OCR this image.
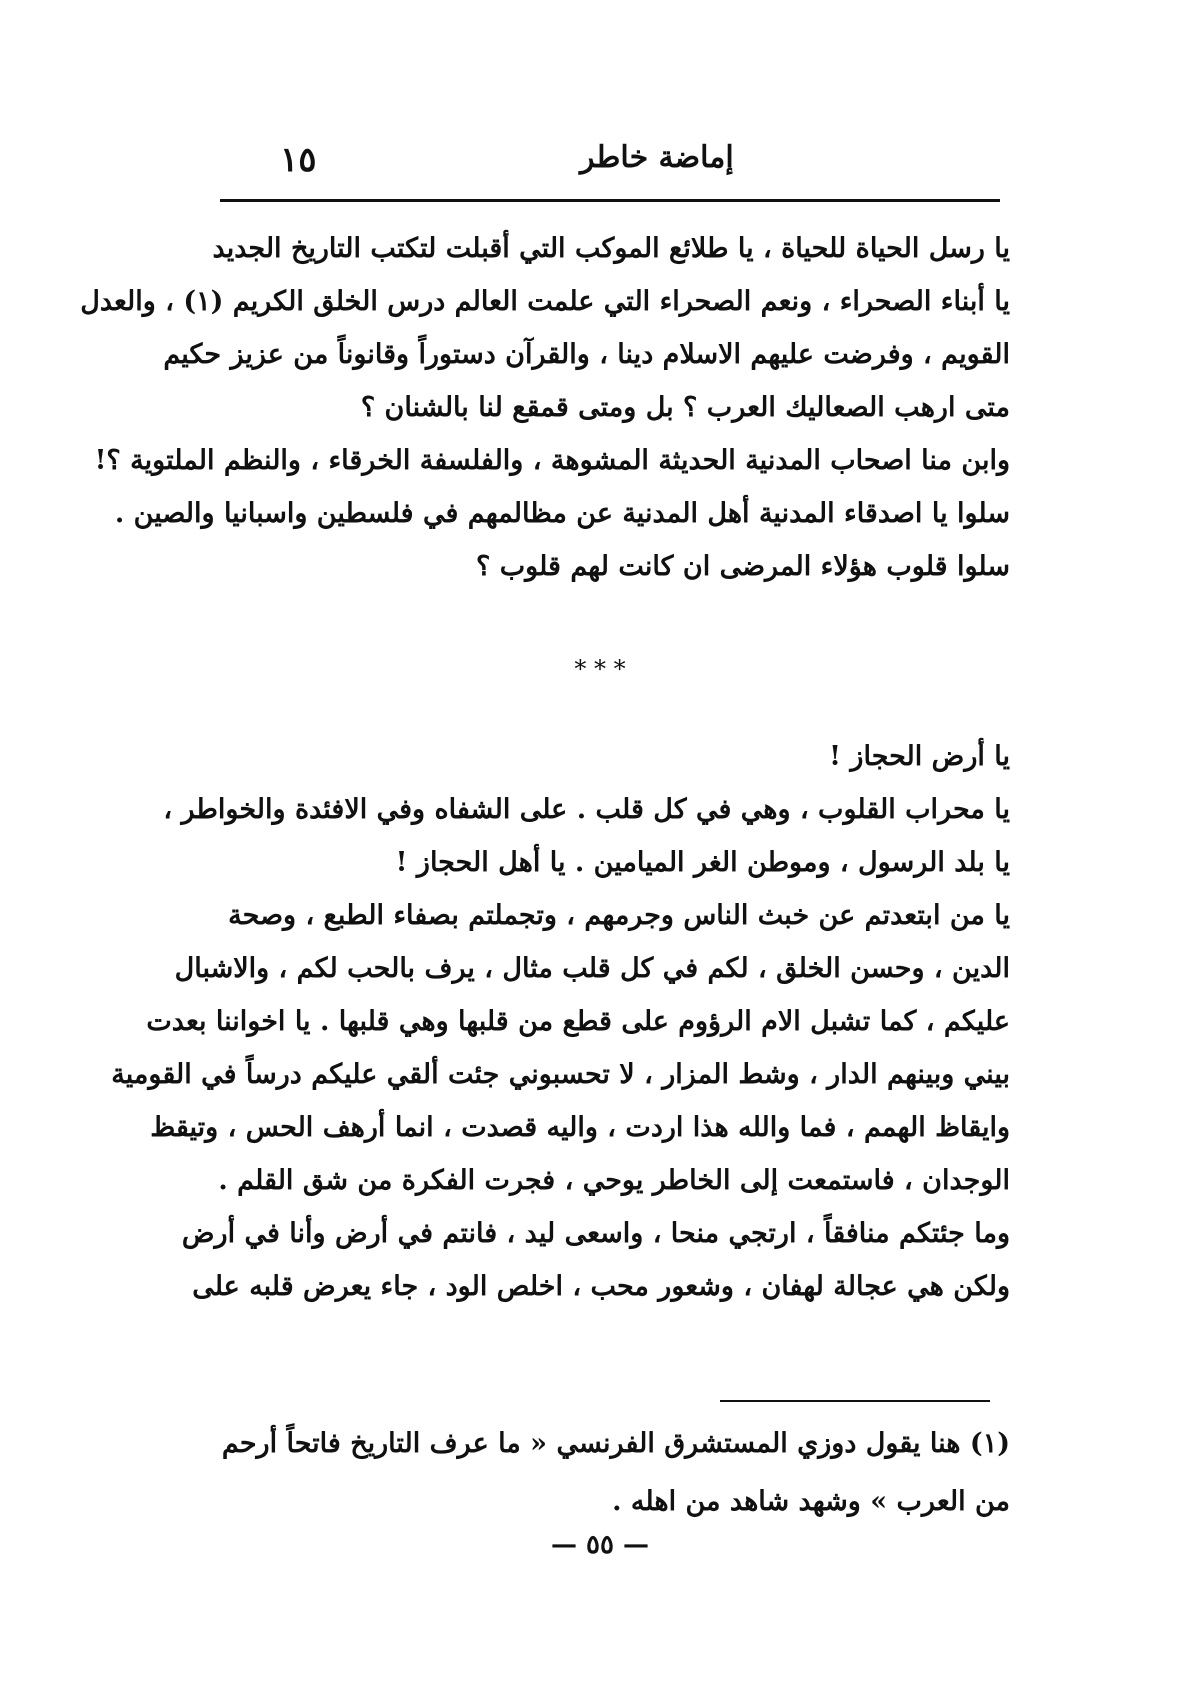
١٥	إماضة خاطر

يا رسل الحياة للحياة ، يا طلائع الموكب التي أقبلت لتكتب التاريخ الجديد

يا أبناء الصحراء ، ونعم الصحراء التي علمت العالم درس الخلق الكريم (١) ، والعدل

القويم ، وفرضت عليهم الاسلام دينا ، والقرآن دستوراً وقانوناً من عزيز حكيم

متى ارهب الصعاليك العرب ؟ بل ومتى قمقع لنا بالشنان ؟

وابن منا اصحاب المدنية الحديثة المشوهة ، والفلسفة الخرقاء ، والنظم الملتوية ؟!

سلوا يا اصدقاء المدنية أهل المدنية عن مظالمهم في فلسطين واسبانيا والصين .

سلوا قلوب هؤلاء المرضى ان كانت لهم قلوب ؟

* * *

يا أرض الحجاز !

يا محراب القلوب ، وهي في كل قلب . على الشفاه وفي الافئدة والخواطر ،

يا بلد الرسول ، وموطن الغر الميامين . يا أهل الحجاز !

يا من ابتعدتم عن خبث الناس وجرمهم ، وتجملتم بصفاء الطبع ، وصحة

الدين ، وحسن الخلق ، لكم في كل قلب مثال ، يرف بالحب لكم ، والاشبال

عليكم ، كما تشبل الام الرؤوم على قطع من قلبها وهي قلبها . يا اخواننا بعدت

بيني وبينهم الدار ، وشط المزار ، لا تحسبوني جئت ألقي عليكم درساً في القومية

وايقاظ الهمم ، فما والله هذا اردت ، واليه قصدت ، انما أرهف الحس ، وتيقظ

الوجدان ، فاستمعت إلى الخاطر يوحي ، فجرت الفكرة من شق القلم .

وما جئتكم منافقاً ، ارتجي منحا ، واسعى ليد ، فانتم في أرض وأنا في أرض

ولكن هي عجالة لهفان ، وشعور محب ، اخلص الود ، جاء يعرض قلبه على

(١) هنا يقول دوزي المستشرق الفرنسي « ما عرف التاريخ فاتحاً أرحم

من العرب » وشهد شاهد من اهله .

— ٥٥ —
